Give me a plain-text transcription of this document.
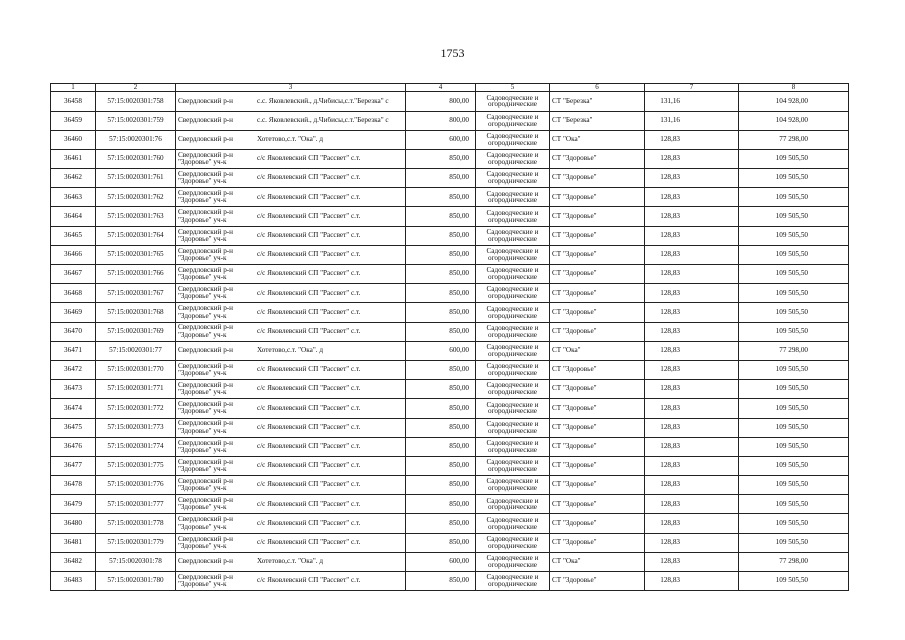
1753
1	2	3	4	5	6	7	8
36458	57:15:0020301:758	Свердловский р-н с.с. Яковлевский., д.Чибисы,с.т."Березка" с	800,00	Садоводческие и огороднические	СТ "Березка"	131,16	104 928,00
36459	57:15:0020301:759	Свердловский р-н с.с. Яковлевский., д.Чибисы,с.т."Березка" с	800,00	Садоводческие и огороднические	СТ "Березка"	131,16	104 928,00
36460	57:15:0020301:76	Свердловский р-н Хотетово,с.т. "Ока". д	600,00	Садоводческие и огороднические	СТ "Ока"	128,83	77 298,00
36461	57:15:0020301:760	Свердловский р-н "Здоровье" уч-к с/с Яковлевский СП "Рассвет" с.т.	850,00	Садоводческие и огороднические	СТ "Здоровье"	128,83	109 505,50
36462	57:15:0020301:761	Свердловский р-н "Здоровье" уч-к с/с Яковлевский СП "Рассвет" с.т.	850,00	Садоводческие и огороднические	СТ "Здоровье"	128,83	109 505,50
36463	57:15:0020301:762	Свердловский р-н "Здоровье" уч-к с/с Яковлевский СП "Рассвет" с.т.	850,00	Садоводческие и огороднические	СТ "Здоровье"	128,83	109 505,50
36464	57:15:0020301:763	Свердловский р-н "Здоровье" уч-к с/с Яковлевский СП "Рассвет" с.т.	850,00	Садоводческие и огороднические	СТ "Здоровье"	128,83	109 505,50
36465	57:15:0020301:764	Свердловский р-н "Здоровье" уч-к с/с Яковлевский СП "Рассвет" с.т.	850,00	Садоводческие и огороднические	СТ "Здоровье"	128,83	109 505,50
36466	57:15:0020301:765	Свердловский р-н "Здоровье" уч-к с/с Яковлевский СП "Рассвет" с.т.	850,00	Садоводческие и огороднические	СТ "Здоровье"	128,83	109 505,50
36467	57:15:0020301:766	Свердловский р-н "Здоровье" уч-к с/с Яковлевский СП "Рассвет" с.т.	850,00	Садоводческие и огороднические	СТ "Здоровье"	128,83	109 505,50
36468	57:15:0020301:767	Свердловский р-н "Здоровье" уч-к с/с Яковлевский СП "Рассвет" с.т.	850,00	Садоводческие и огороднические	СТ "Здоровье"	128,83	109 505,50
36469	57:15:0020301:768	Свердловский р-н "Здоровье" уч-к с/с Яковлевский СП "Рассвет" с.т.	850,00	Садоводческие и огороднические	СТ "Здоровье"	128,83	109 505,50
36470	57:15:0020301:769	Свердловский р-н "Здоровье" уч-к с/с Яковлевский СП "Рассвет" с.т.	850,00	Садоводческие и огороднические	СТ "Здоровье"	128,83	109 505,50
36471	57:15:0020301:77	Свердловский р-н Хотетово,с.т. "Ока". д	600,00	Садоводческие и огороднические	СТ "Ока"	128,83	77 298,00
36472	57:15:0020301:770	Свердловский р-н "Здоровье" уч-к с/с Яковлевский СП "Рассвет" с.т.	850,00	Садоводческие и огороднические	СТ "Здоровье"	128,83	109 505,50
36473	57:15:0020301:771	Свердловский р-н "Здоровье" уч-к с/с Яковлевский СП "Рассвет" с.т.	850,00	Садоводческие и огороднические	СТ "Здоровье"	128,83	109 505,50
36474	57:15:0020301:772	Свердловский р-н "Здоровье" уч-к с/с Яковлевский СП "Рассвет" с.т.	850,00	Садоводческие и огороднические	СТ "Здоровье"	128,83	109 505,50
36475	57:15:0020301:773	Свердловский р-н "Здоровье" уч-к с/с Яковлевский СП "Рассвет" с.т.	850,00	Садоводческие и огороднические	СТ "Здоровье"	128,83	109 505,50
36476	57:15:0020301:774	Свердловский р-н "Здоровье" уч-к с/с Яковлевский СП "Рассвет" с.т.	850,00	Садоводческие и огороднические	СТ "Здоровье"	128,83	109 505,50
36477	57:15:0020301:775	Свердловский р-н "Здоровье" уч-к с/с Яковлевский СП "Рассвет" с.т.	850,00	Садоводческие и огороднические	СТ "Здоровье"	128,83	109 505,50
36478	57:15:0020301:776	Свердловский р-н "Здоровье" уч-к с/с Яковлевский СП "Рассвет" с.т.	850,00	Садоводческие и огороднические	СТ "Здоровье"	128,83	109 505,50
36479	57:15:0020301:777	Свердловский р-н "Здоровье" уч-к с/с Яковлевский СП "Рассвет" с.т.	850,00	Садоводческие и огороднические	СТ "Здоровье"	128,83	109 505,50
36480	57:15:0020301:778	Свердловский р-н "Здоровье" уч-к с/с Яковлевский СП "Рассвет" с.т.	850,00	Садоводческие и огороднические	СТ "Здоровье"	128,83	109 505,50
36481	57:15:0020301:779	Свердловский р-н "Здоровье" уч-к с/с Яковлевский СП "Рассвет" с.т.	850,00	Садоводческие и огороднические	СТ "Здоровье"	128,83	109 505,50
36482	57:15:0020301:78	Свердловский р-н Хотетово,с.т. "Ока". д	600,00	Садоводческие и огороднические	СТ "Ока"	128,83	77 298,00
36483	57:15:0020301:780	Свердловский р-н "Здоровье" уч-к с/с Яковлевский СП "Рассвет" с.т.	850,00	Садоводческие и огороднические	СТ "Здоровье"	128,83	109 505,50
